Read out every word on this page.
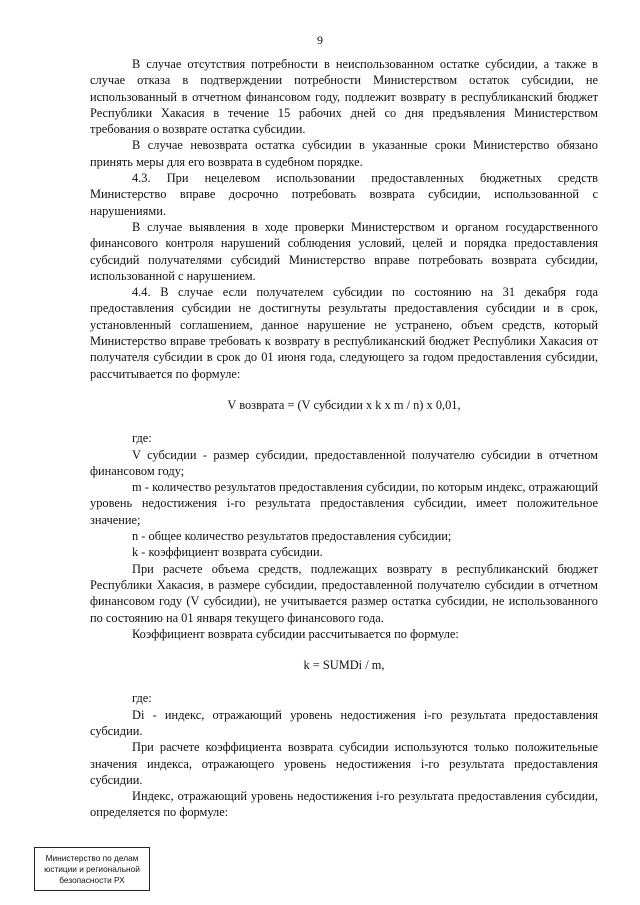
9

В случае отсутствия потребности в неиспользованном остатке субсидии, а также в случае отказа в подтверждении потребности Министерством остаток субсидии, не использованный в отчетном финансовом году, подлежит возврату в республиканский бюджет Республики Хакасия в течение 15 рабочих дней со дня предъявления Министерством требования о возврате остатка субсидии.

В случае невозврата остатка субсидии в указанные сроки Министерство обязано принять меры для его возврата в судебном порядке.

4.3. При нецелевом использовании предоставленных бюджетных средств Министерство вправе досрочно потребовать возврата субсидии, использованной с нарушениями.

В случае выявления в ходе проверки Министерством и органом государственного финансового контроля нарушений соблюдения условий, целей и порядка предоставления субсидий получателями субсидий Министерство вправе потребовать возврата субсидии, использованной с нарушением.

4.4. В случае если получателем субсидии по состоянию на 31 декабря года предоставления субсидии не достигнуты результаты предоставления субсидии и в срок, установленный соглашением, данное нарушение не устранено, объем средств, который Министерство вправе требовать к возврату в республиканский бюджет Республики Хакасия от получателя субсидии в срок до 01 июня года, следующего за годом предоставления субсидии, рассчитывается по формуле:

V возврата = (V субсидии x k x m / n) x 0,01,

где:

V субсидии - размер субсидии, предоставленной получателю субсидии в отчетном финансовом году;

m - количество результатов предоставления субсидии, по которым индекс, отражающий уровень недостижения i-го результата предоставления субсидии, имеет положительное значение;

n - общее количество результатов предоставления субсидии;

k - коэффициент возврата субсидии.

При расчете объема средств, подлежащих возврату в республиканский бюджет Республики Хакасия, в размере субсидии, предоставленной получателю субсидии в отчетном финансовом году (V субсидии), не учитывается размер остатка субсидии, не использованного по состоянию на 01 января текущего финансового года.

Коэффициент возврата субсидии рассчитывается по формуле:

k = SUMDi / m,

где:

Di - индекс, отражающий уровень недостижения i-го результата предоставления субсидии.

При расчете коэффициента возврата субсидии используются только положительные значения индекса, отражающего уровень недостижения i-го результата предоставления субсидии.

Индекс, отражающий уровень недостижения i-го результата предоставления субсидии, определяется по формуле:

Министерство по делам
юстиции и региональной
безопасности РХ
